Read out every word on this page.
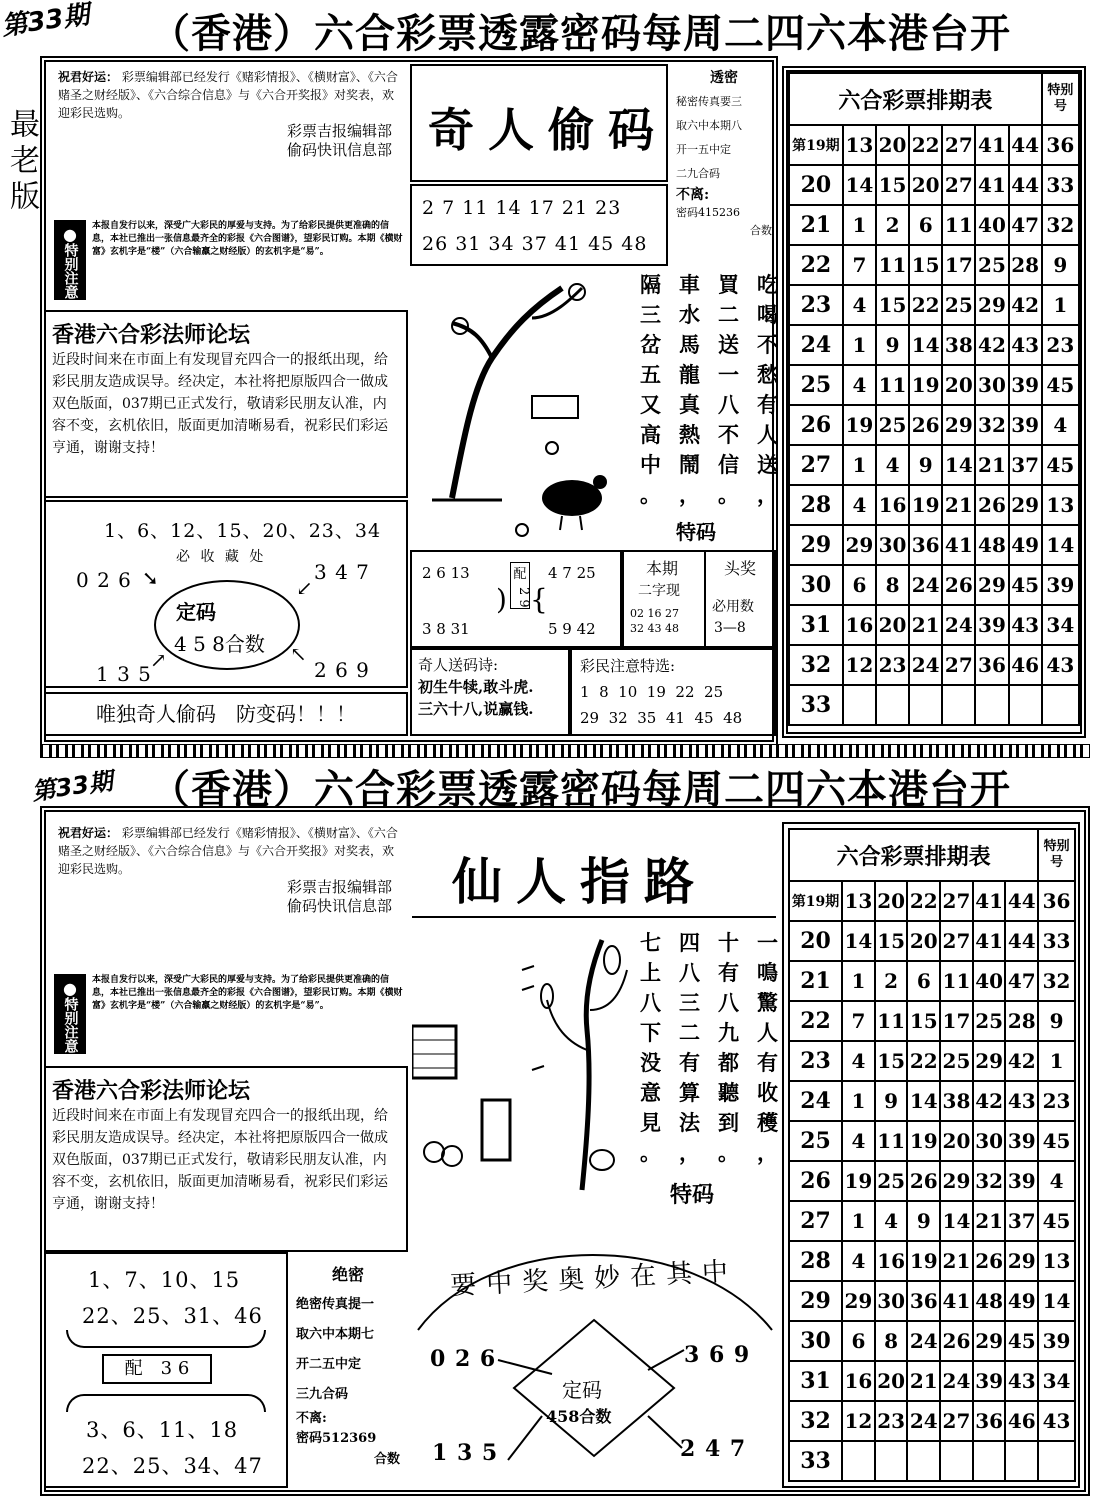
第33期 （香港）六合彩票透露密码每周二四六本港台开
最老版
祝君好运： 彩票编辑部已经发行《赌彩情报》、《横财富》、《六合赌圣之财经版》、《六合综合信息》与《六合开奖报》对奖表，欢迎彩民选购。
彩票吉报编辑部
偷码快讯信息部
●
特别注意
本报自发行以来，深受广大彩民的厚爱与支持。为了给彩民提供更准确的信息，本社已推出一张信息最齐全的彩报《六合图谱》，望彩民订购。本期《横财富》玄机字是“楼”（六合输羸之财经版）的玄机字是“易”。
香港六合彩法师论坛
近段时间来在市面上有发现冒充四合一的报纸出现，给彩民朋友造成误导。经决定，本社将把原版四合一做成双色版面，037期已正式发行，敬请彩民朋友认准，内容不变，玄机依旧，版面更加清晰易看，祝彩民们彩运亨通，谢谢支持！
1、6、12、15、20、23、34
必 收 藏 处
0 2 6 ➘	3 4 7
↙
定码
4 5 8合数
1 3 5
↗	2 6 9
↖
唯独奇人偷码　防变码！！！
奇人偷码
2 7 11 14 17 21 23
26 31 34 37 41 45 48
透密
秘密传真要三
取六中本期八
开一五中定
二九合码
不离:
密码415236
合数
隔
三
岔
五
又
高
中
。
車
水
馬
龍
真
熱
鬧
，
買
二
送
一
八
不
信
。
吃
喝
不
愁
有
人
送
，
特码
2 6 13
3 8 31
)
配
2 9 {
4 7 25
5 9 42
本期
二字现
02 16 27
32 43 48
头奖
必用数
3—8
奇人送码诗:
初生牛犊,敢斗虎.
三六十八,说赢钱.
彩民注意特选:
1  8  10  19  22  25
29  32  35  41  45  48
六合彩票排期表							特别号
第19期	13	20	22	27	41	44	36
20	14	15	20	27	41	44	33
21	1	2	6	11	40	47	32
22	7	11	15	17	25	28	9
23	4	15	22	25	29	42	1
24	1	9	14	38	42	43	23
25	4	11	19	20	30	39	45
26	19	25	26	29	32	39	4
27	1	4	9	14	21	37	45
28	4	16	19	21	26	29	13
29	29	30	36	41	48	49	14
30	6	8	24	26	29	45	39
31	16	20	21	24	39	43	34
32	12	23	24	27	36	46	43
33							
第33期 （香港）六合彩票透露密码每周二四六本港台开
祝君好运： 彩票编辑部已经发行《赌彩情报》、《横财富》、《六合赌圣之财经版》、《六合综合信息》与《六合开奖报》对奖表，欢迎彩民选购。
彩票吉报编辑部
偷码快讯信息部
●
特别注意
本报自发行以来，深受广大彩民的厚爱与支持。为了给彩民提供更准确的信息，本社已推出一张信息最齐全的彩报《六合图谱》，望彩民订购。本期《横财富》玄机字是“楼”（六合输羸之财经版）的玄机字是“易”。
香港六合彩法师论坛
近段时间来在市面上有发现冒充四合一的报纸出现，给彩民朋友造成误导。经决定，本社将把原版四合一做成双色版面，037期已正式发行，敬请彩民朋友认准，内容不变，玄机依旧，版面更加清晰易看，祝彩民们彩运亨通，谢谢支持！
1、7、10、15
22、25、31、46
配　3 6
3、6、11、18
22、25、34、47
绝密
绝密传真提一
取六中本期七
开二五中定
三九合码
不离:
密码512369
合数
仙人指路
七
上
八
下
没
意
見
。
四
八
三
二
有
算
法
，
十
有
八
九
都
聽
到
。
一
鳴
驚
人
有
收
穫
，
特码
要中奖奥妙在其中
0 2 6	3 6 9
定码
458合数
1 3 5	2 4 7
六合彩票排期表							特别号
第19期	13	20	22	27	41	44	36
20	14	15	20	27	41	44	33
21	1	2	6	11	40	47	32
22	7	11	15	17	25	28	9
23	4	15	22	25	29	42	1
24	1	9	14	38	42	43	23
25	4	11	19	20	30	39	45
26	19	25	26	29	32	39	4
27	1	4	9	14	21	37	45
28	4	16	19	21	26	29	13
29	29	30	36	41	48	49	14
30	6	8	24	26	29	45	39
31	16	20	21	24	39	43	34
32	12	23	24	27	36	46	43
33							
